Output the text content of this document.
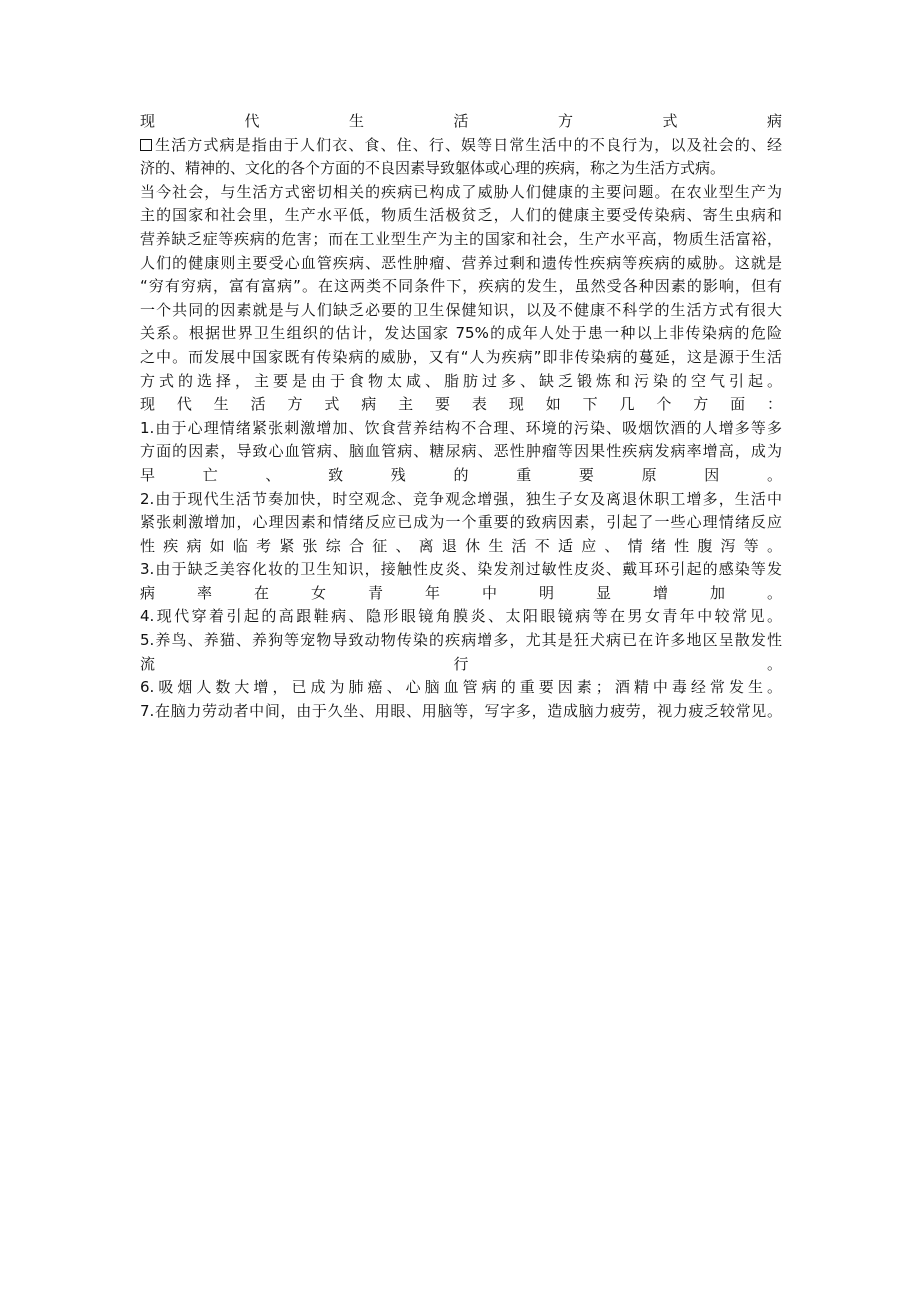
现代生活方式病
生活方式病是指由于人们衣、食、住、行、娱等日常生活中的不良行为，以及社会的、经
济的、精神的、文化的各个方面的不良因素导致躯体或心理的疾病，称之为生活方式病。
当今社会，与生活方式密切相关的疾病已构成了威胁人们健康的主要问题。在农业型生产为
主的国家和社会里，生产水平低，物质生活极贫乏，人们的健康主要受传染病、寄生虫病和
营养缺乏症等疾病的危害；而在工业型生产为主的国家和社会，生产水平高，物质生活富裕，
人们的健康则主要受心血管疾病、恶性肿瘤、营养过剩和遗传性疾病等疾病的威胁。这就是
“穷有穷病，富有富病”。在这两类不同条件下，疾病的发生，虽然受各种因素的影响，但有
一个共同的因素就是与人们缺乏必要的卫生保健知识，以及不健康不科学的生活方式有很大
关系。根据世界卫生组织的估计，发达国家 75%的成年人处于患一种以上非传染病的危险
之中。而发展中国家既有传染病的威胁，又有“人为疾病”即非传染病的蔓延，这是源于生活
方式的选择，主要是由于食物太咸、脂肪过多、缺乏锻炼和污染的空气引起。
现代生活方式病主要表现如下几个方面：
1.由于心理情绪紧张刺激增加、饮食营养结构不合理、环境的污染、吸烟饮酒的人增多等多
方面的因素，导致心血管病、脑血管病、糖尿病、恶性肿瘤等因果性疾病发病率增高，成为
早亡、致残的重要原因。
2.由于现代生活节奏加快，时空观念、竞争观念增强，独生子女及离退休职工增多，生活中
紧张刺激增加，心理因素和情绪反应已成为一个重要的致病因素，引起了一些心理情绪反应
性疾病如临考紧张综合征、离退休生活不适应、情绪性腹泻等。
3.由于缺乏美容化妆的卫生知识，接触性皮炎、染发剂过敏性皮炎、戴耳环引起的感染等发
病率在女青年中明显增加。
4.现代穿着引起的高跟鞋病、隐形眼镜角膜炎、太阳眼镜病等在男女青年中较常见。
5.养鸟、养猫、养狗等宠物导致动物传染的疾病增多，尤其是狂犬病已在许多地区呈散发性
流行。
6.吸烟人数大增，已成为肺癌、心脑血管病的重要因素；酒精中毒经常发生。
7.在脑力劳动者中间，由于久坐、用眼、用脑等，写字多，造成脑力疲劳，视力疲乏较常见。
